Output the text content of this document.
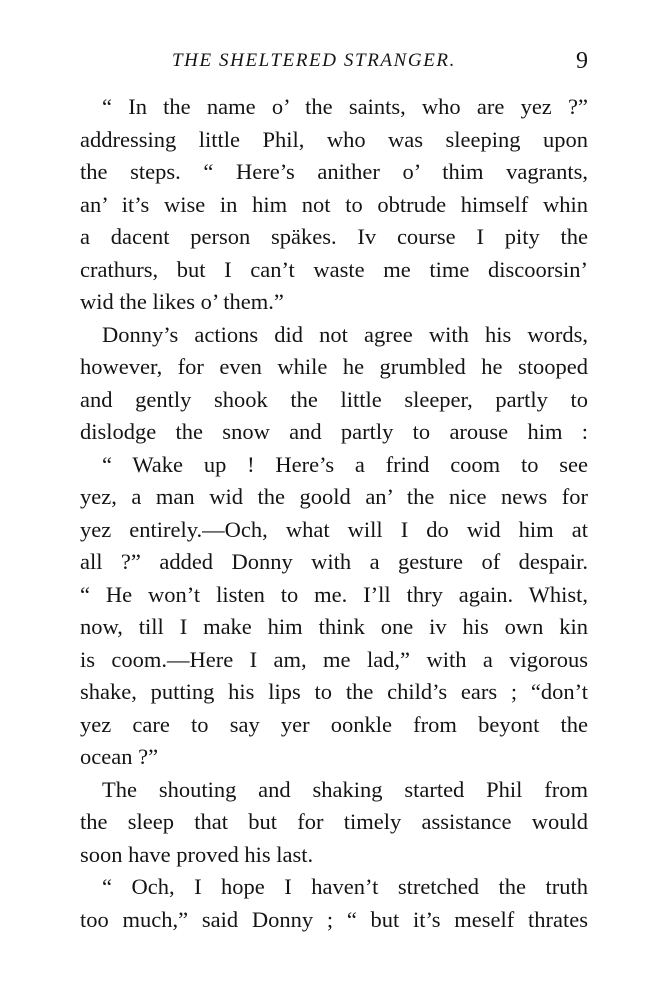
THE SHELTERED STRANGER.	9
“ In the name o’ the saints, who are yez ?”
addressing little Phil, who was sleeping upon
the steps. “ Here’s anither o’ thim vagrants,
an’ it’s wise in him not to obtrude himself whin
a dacent person späkes. Iv course I pity the
crathurs, but I can’t waste me time discoorsin’
wid the likes o’ them.”
Donny’s actions did not agree with his words,
however, for even while he grumbled he stooped
and gently shook the little sleeper, partly to
dislodge the snow and partly to arouse him :
“ Wake up ! Here’s a frind coom to see
yez, a man wid the goold an’ the nice news for
yez entirely.—Och, what will I do wid him at
all ?” added Donny with a gesture of despair.
“ He won’t listen to me. I’ll thry again. Whist,
now, till I make him think one iv his own kin
is coom.—Here I am, me lad,” with a vigorous
shake, putting his lips to the child’s ears ; “don’t
yez care to say yer oonkle from beyont the
ocean ?”
The shouting and shaking started Phil from
the sleep that but for timely assistance would
soon have proved his last.
“ Och, I hope I haven’t stretched the truth
too much,” said Donny ; “ but it’s meself thrates
